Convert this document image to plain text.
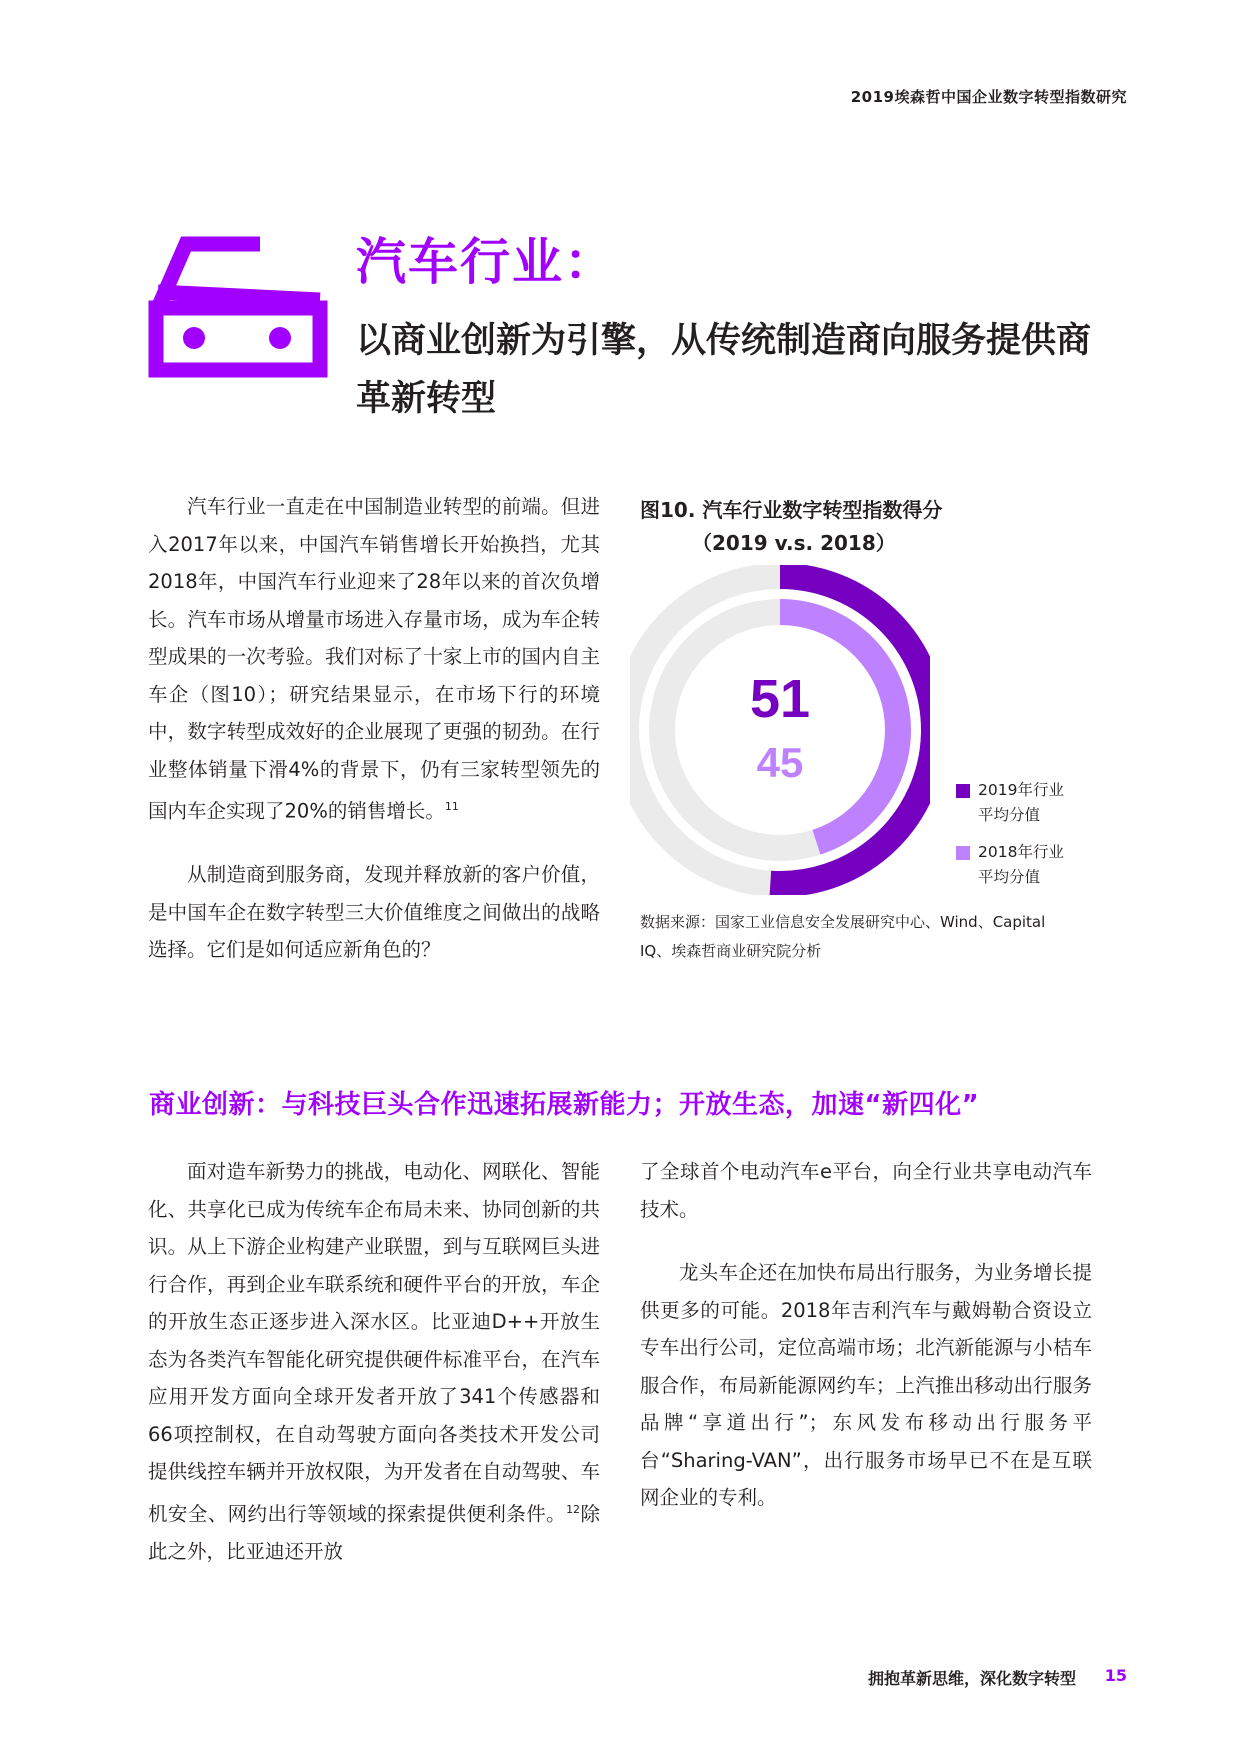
2019埃森哲中国企业数字转型指数研究
汽车行业：
以商业创新为引擎，从传统制造商向服务提供商革新转型

汽车行业一直走在中国制造业转型的前端。但进入2017年以来，中国汽车销售增长开始换挡，尤其2018年，中国汽车行业迎来了28年以来的首次负增长。汽车市场从增量市场进入存量市场，成为车企转型成果的一次考验。我们对标了十家上市的国内自主车企（图10）；研究结果显示，在市场下行的环境中，数字转型成效好的企业展现了更强的韧劲。在行业整体销量下滑4%的背景下，仍有三家转型领先的国内车企实现了20%的销售增长。$^{11}$

从制造商到服务商，发现并释放新的客户价值，是中国车企在数字转型三大价值维度之间做出的战略选择。它们是如何适应新角色的？

图10. 汽车行业数字转型指数得分
（2019 v.s. 2018）
51
45
2019年行业
平均分值
2018年行业
平均分值
数据来源：国家工业信息安全发展研究中心、Wind、Capital IQ、埃森哲商业研究院分析
商业创新：与科技巨头合作迅速拓展新能力；开放生态，加速“新四化”

面对造车新势力的挑战，电动化、网联化、智能化、共享化已成为传统车企布局未来、协同创新的共识。从上下游企业构建产业联盟，到与互联网巨头进行合作，再到企业车联系统和硬件平台的开放，车企的开放生态正逐步进入深水区。比亚迪D++开放生态为各类汽车智能化研究提供硬件标准平台，在汽车应用开发方面向全球开发者开放了341个传感器和66项控制权，在自动驾驶方面向各类技术开发公司提供线控车辆并开放权限，为开发者在自动驾驶、车机安全、网约出行等领域的探索提供便利条件。$^{12}$除此之外，比亚迪还开放

了全球首个电动汽车e平台，向全行业共享电动汽车技术。

龙头车企还在加快布局出行服务，为业务增长提供更多的可能。2018年吉利汽车与戴姆勒合资设立专车出行公司，定位高端市场；北汽新能源与小桔车服合作，布局新能源网约车；上汽推出移动出行服务品牌“享道出行”；东风发布移动出行服务平台“Sharing-VAN”，出行服务市场早已不在是互联网企业的专利。

拥抱革新思维，深化数字转型 15
